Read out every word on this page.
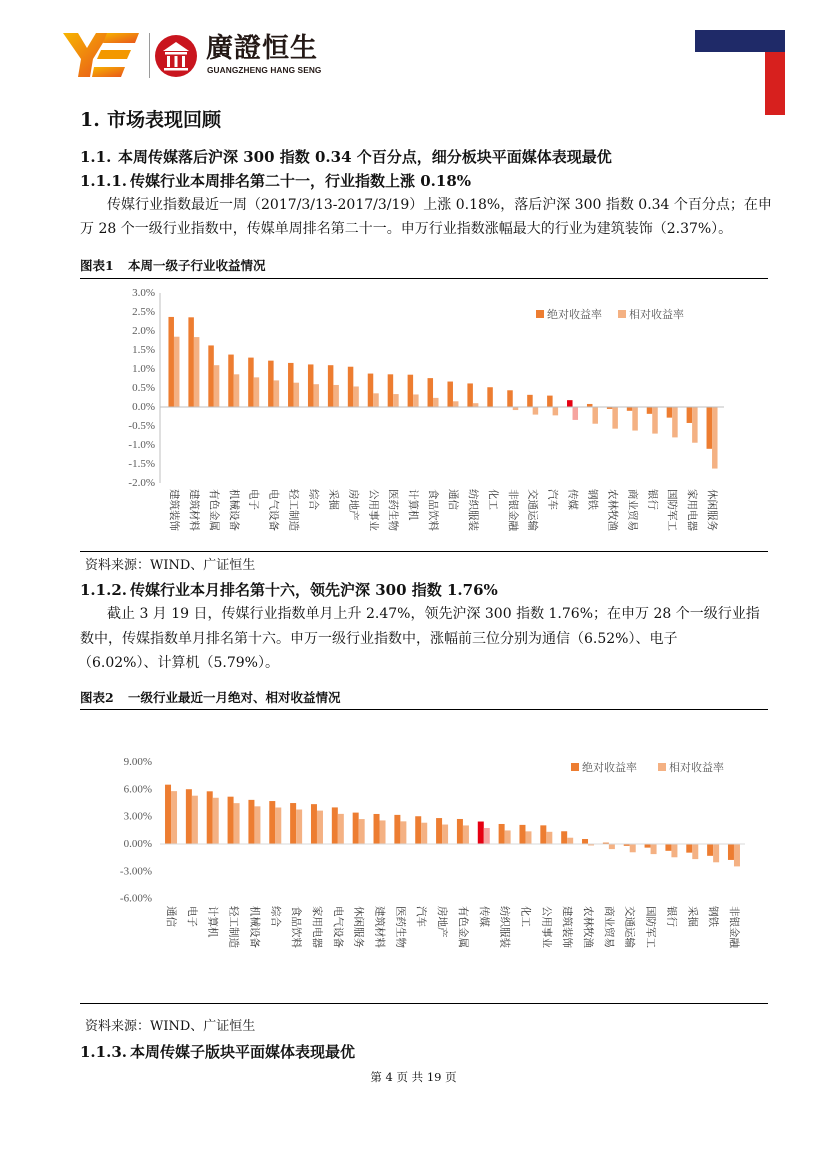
廣證恒生
GUANGZHENG HANG SENG
1. 市场表现回顾
1.1. 本周传媒落后沪深 300 指数 0.34 个百分点，细分板块平面媒体表现最优
1.1.1. 传媒行业本周排名第二十一，行业指数上涨 0.18%
传媒行业指数最近一周（2017/3/13-2017/3/19）上涨 0.18%，落后沪深 300 指数 0.34 个百分点；在申
万 28 个一级行业指数中，传媒单周排名第二十一。申万行业指数涨幅最大的行业为建筑装饰（2.37%）。
图表1 本周一级子行业收益情况
3.0%
2.5%
2.0%
1.5%
1.0%
0.5%
0.0%
-0.5%
-1.0%
-1.5%
-2.0%
建筑装饰 建筑材料 有色金属 机械设备 电子 电气设备 轻工制造 综合 采掘 房地产 公用事业 医药生物 计算机 食品饮料 通信 纺织服装 化工 非银金融 交通运输 汽车 传媒 钢铁 农林牧渔 商业贸易 银行 国防军工 家用电器 休闲服务
绝对收益率 相对收益率
资料来源：WIND、广证恒生
1.1.2. 传媒行业本月排名第十六，领先沪深 300 指数 1.76%
截止 3 月 19 日，传媒行业指数单月上升 2.47%，领先沪深 300 指数 1.76%；在申万 28 个一级行业指
数中，传媒指数单月排名第十六。申万一级行业指数中，涨幅前三位分别为通信（6.52%）、电子
（6.02%）、计算机（5.79%）。
图表2 一级行业最近一月绝对、相对收益情况
9.00%
6.00%
3.00%
0.00%
-3.00%
-6.00%
通信 电子 计算机 轻工制造 机械设备 综合 食品饮料 家用电器 电气设备 休闲服务 建筑材料 医药生物 汽车 房地产 有色金属 传媒 纺织服装 化工 公用事业 建筑装饰 农林牧渔 商业贸易 交通运输 国防军工 银行 采掘 钢铁 非银金融
绝对收益率	相对收益率
资料来源：WIND、广证恒生
1.1.3. 本周传媒子版块平面媒体表现最优
第 4 页 共 19 页
